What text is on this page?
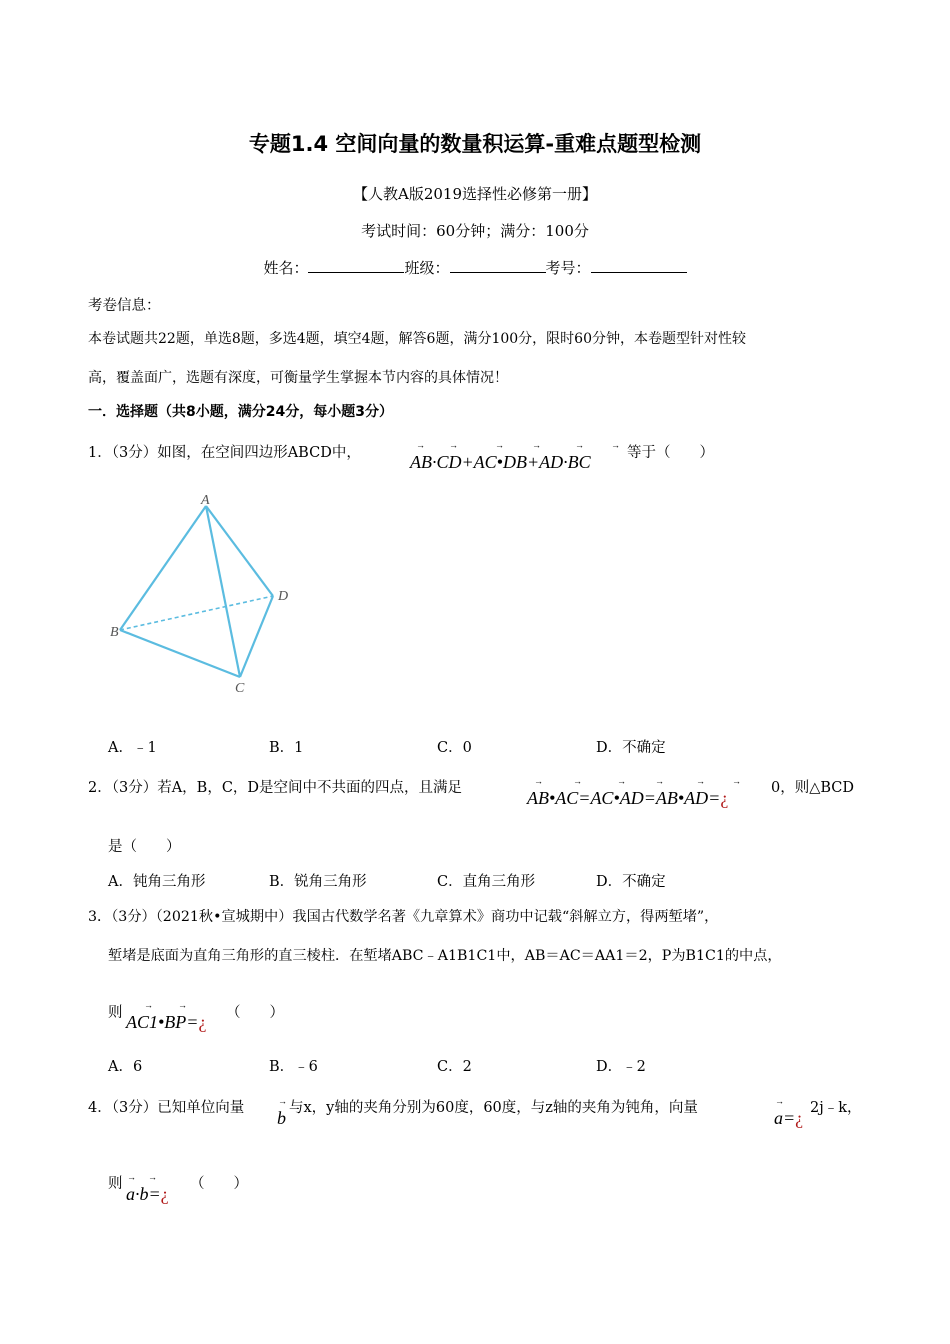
专题1.4 空间向量的数量积运算-重难点题型检测
【人教A版2019选择性必修第一册】
考试时间：60分钟；满分：100分
姓名：	班级：	考号：
考卷信息：
本卷试题共22题，单选8题，多选4题，填空4题，解答6题，满分100分，限时60分钟，本卷题型针对性较
高，覆盖面广，选题有深度，可衡量学生掌握本节内容的具体情况！
一．选择题（共8小题，满分24分，每小题3分）
1．（3分）如图，在空间四边形ABCD中，	→	→	→	→	→	→
AB·CD+AC•DB+AD·BC	等于（　　）
A
B
C
D
A．﹣1	B．1	C．0	D．不确定
2．（3分）若A，B，C，D是空间中不共面的四点，且满足	→	→	→	→	→	→
AB•AC=AC•AD=AB•AD=¿	0，则△BCD
是（　　）
A．钝角三角形	B．锐角三角形	C．直角三角形	D．不确定
3．（3分）（2021秋•宣城期中）我国古代数学名著《九章算术》商功中记载“斜解立方，得两堑堵”，
堑堵是底面为直角三角形的直三棱柱．在堑堵ABC﹣A1B1C1中，AB＝AC＝AA1＝2，P为B1C1的中点，
则 →	→
AC1•BP=¿ （　　）
A．6	B．﹣6	C．2	D．﹣2
4．（3分）已知单位向量	→
b 与x，y轴的夹角分别为60度，60度，与z轴的夹角为钝角，向量	→
a=¿ 2j﹣k，
则 → →
a·b=¿ （　　）
